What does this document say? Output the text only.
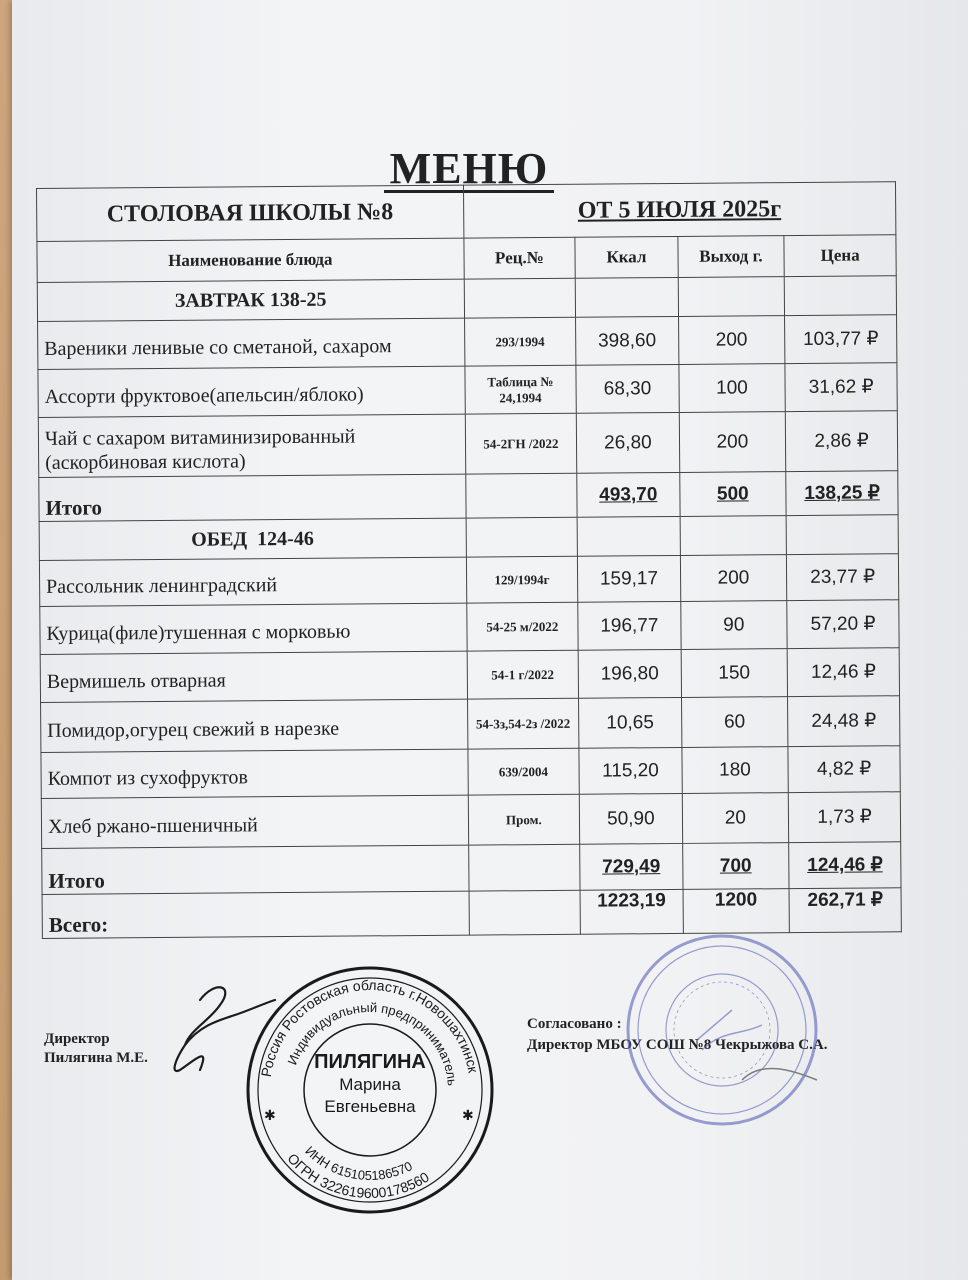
МЕНЮ
СТОЛОВАЯ ШКОЛЫ №8	ОТ 5 ИЮЛЯ 2025г			
Наименование блюда	Рец.№	Ккал	Выход г.	Цена
ЗАВТРАК 138-25				
Вареники ленивые со сметаной, сахаром	293/1994	398,60	200	103,77 ₽
Ассорти фруктовое(апельсин/яблоко)	Таблица № 24,1994	68,30	100	31,62 ₽
Чай с сахаром витаминизированный (аскорбиновая кислота)	54-2ГН /2022	26,80	200	2,86 ₽
Итого		493,70	500	138,25 ₽
ОБЕД  124-46				
Рассольник ленинградский	129/1994г	159,17	200	23,77 ₽
Курица(филе)тушенная с морковью	54-25 м/2022	196,77	90	57,20 ₽
Вермишель отварная	54-1 г/2022	196,80	150	12,46 ₽
Помидор,огурец свежий в нарезке	54-3з,54-2з /2022	10,65	60	24,48 ₽
Компот из сухофруктов	639/2004	115,20	180	4,82 ₽
Хлеб ржано-пшеничный	Пром.	50,90	20	1,73 ₽
Итого		729,49	700	124,46 ₽
Всего:		1223,19	1200	262,71 ₽
Директор
Пилягина М.Е.
Согласовано :
Директор МБОУ СОШ №8 Чекрыжова С.А.
Россия Ростовская область г.Новошахтинск
Индивидуальный предприниматель
ОГРН 322619600178560
ИНН 615105186570
ПИЛЯГИНА
Марина
Евгеньевна
✱	✱
